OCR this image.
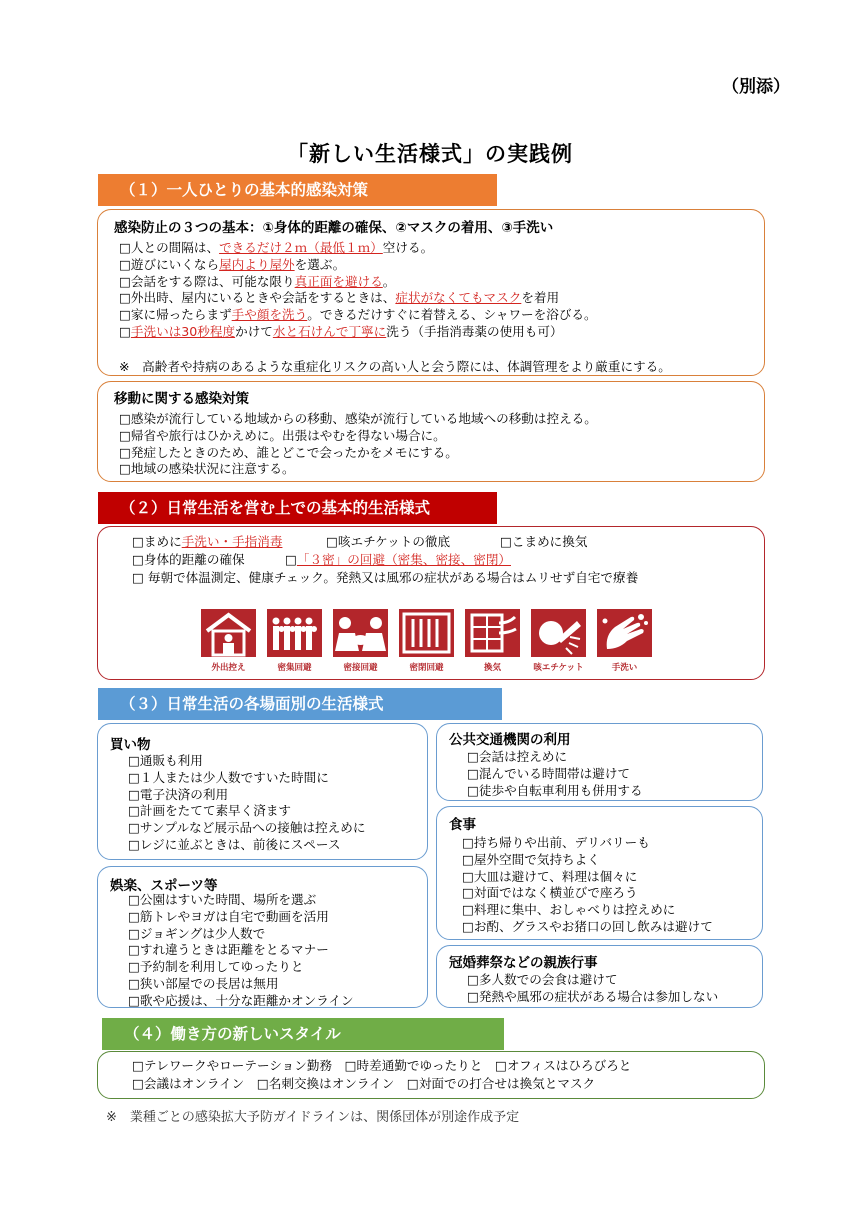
（別添）
「新しい生活様式」の実践例
（１）一人ひとりの基本的感染対策
感染防止の３つの基本：①身体的距離の確保、②マスクの着用、③手洗い
□人との間隔は、できるだけ２ｍ（最低１ｍ）空ける。
□遊びにいくなら屋内より屋外を選ぶ。
□会話をする際は、可能な限り真正面を避ける。
□外出時、屋内にいるときや会話をするときは、症状がなくてもマスクを着用
□家に帰ったらまず手や顔を洗う。できるだけすぐに着替える、シャワーを浴びる。
□手洗いは30秒程度かけて水と石けんで丁寧に洗う（手指消毒薬の使用も可）
※　高齢者や持病のあるような重症化リスクの高い人と会う際には、体調管理をより厳重にする。
移動に関する感染対策
□感染が流行している地域からの移動、感染が流行している地域への移動は控える。
□帰省や旅行はひかえめに。出張はやむを得ない場合に。
□発症したときのため、誰とどこで会ったかをメモにする。
□地域の感染状況に注意する。
（２）日常生活を営む上での基本的生活様式
□まめに手洗い・手指消毒	□咳エチケットの徹底	□こまめに換気
□身体的距離の確保	□「３密」の回避（密集、密接、密閉）
□ 毎朝で体温測定、健康チェック。発熱又は風邪の症状がある場合はムリせず自宅で療養
外出控え	密集回避	密接回避	密閉回避	換気	咳エチケット	手洗い
（３）日常生活の各場面別の生活様式
買い物
□通販も利用
□１人または少人数ですいた時間に
□電子決済の利用
□計画をたてて素早く済ます
□サンプルなど展示品への接触は控えめに
□レジに並ぶときは、前後にスペース
娯楽、スポーツ等
□公園はすいた時間、場所を選ぶ
□筋トレやヨガは自宅で動画を活用
□ジョギングは少人数で
□すれ違うときは距離をとるマナー
□予約制を利用してゆったりと
□狭い部屋での長居は無用
□歌や応援は、十分な距離かオンライン
公共交通機関の利用
□会話は控えめに
□混んでいる時間帯は避けて
□徒歩や自転車利用も併用する
食事
□持ち帰りや出前、デリバリーも
□屋外空間で気持ちよく
□大皿は避けて、料理は個々に
□対面ではなく横並びで座ろう
□料理に集中、おしゃべりは控えめに
□お酌、グラスやお猪口の回し飲みは避けて
冠婚葬祭などの親族行事
□多人数での会食は避けて
□発熱や風邪の症状がある場合は参加しない
（４）働き方の新しいスタイル
□テレワークやローテーション勤務　□時差通勤でゆったりと　□オフィスはひろびろと
□会議はオンライン　□名刺交換はオンライン　□対面での打合せは換気とマスク
※　業種ごとの感染拡大予防ガイドラインは、関係団体が別途作成予定
